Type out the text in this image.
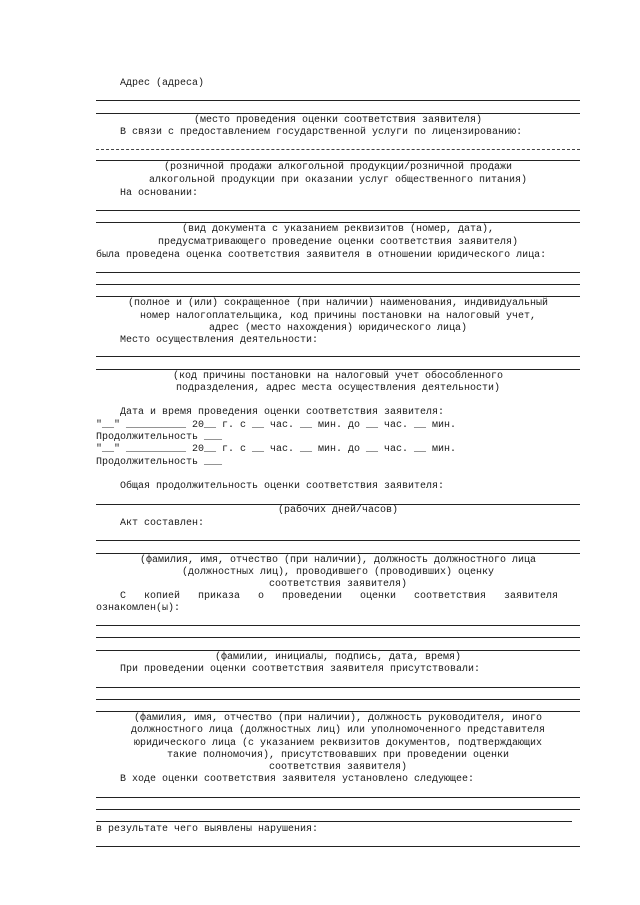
Адрес (адреса)
(место проведения оценки соответствия заявителя)
В связи с предоставлением государственной услуги по лицензированию:
(розничной продажи алкогольной продукции/розничной продажи
алкогольной продукции при оказании услуг общественного питания)
На основании:
(вид документа с указанием реквизитов (номер, дата),
предусматривающего проведение оценки соответствия заявителя)
была проведена оценка соответствия заявителя в отношении юридического лица:
(полное и (или) сокращенное (при наличии) наименования, индивидуальный
номер налогоплательщика, код причины постановки на налоговый учет,
адрес (место нахождения) юридического лица)
Место осуществления деятельности:
(код причины постановки на налоговый учет обособленного
подразделения, адрес места осуществления деятельности)
Дата и время проведения оценки соответствия заявителя:
"__" __________ 20__ г. с __ час. __ мин. до __ час. __ мин.
Продолжительность ___
"__" __________ 20__ г. с __ час. __ мин. до __ час. __ мин.
Продолжительность ___
Общая продолжительность оценки соответствия заявителя:
(рабочих дней/часов)
Акт составлен:
(фамилия, имя, отчество (при наличии), должность должностного лица
(должностных лиц), проводившего (проводивших) оценку
соответствия заявителя)
С копией приказа о проведении оценки соответствия заявителя
ознакомлен(ы):
(фамилии, инициалы, подпись, дата, время)
При проведении оценки соответствия заявителя присутствовали:
(фамилия, имя, отчество (при наличии), должность руководителя, иного
должностного лица (должностных лиц) или уполномоченного представителя
юридического лица (с указанием реквизитов документов, подтверждающих
такие полномочия), присутствовавших при проведении оценки
соответствия заявителя)
В ходе оценки соответствия заявителя установлено следующее:
в результате чего выявлены нарушения:
